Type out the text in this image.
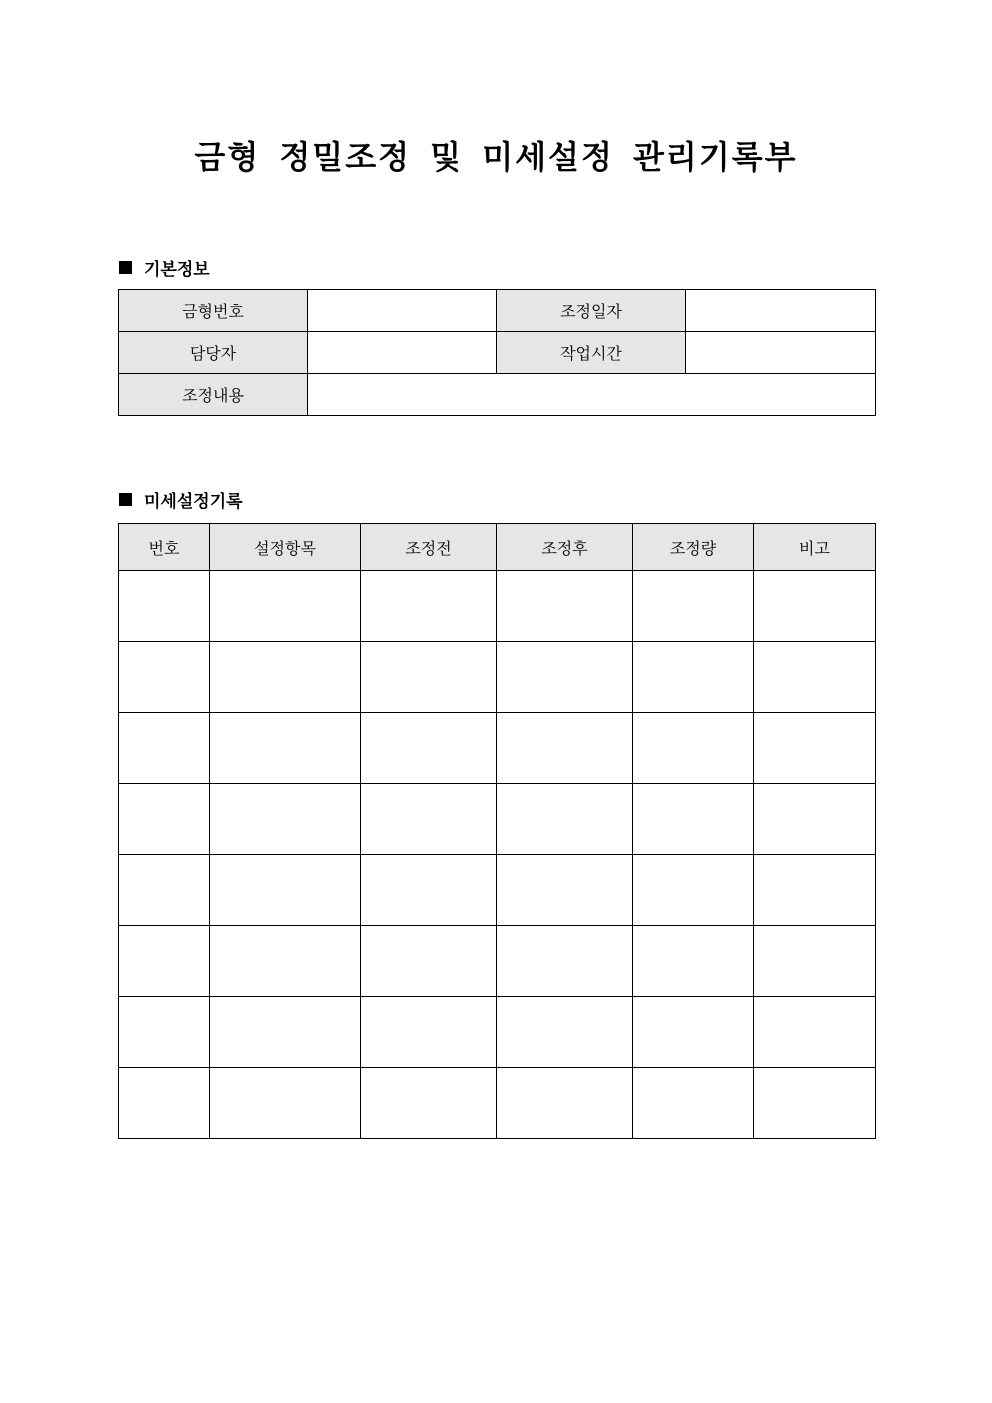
금형 정밀조정 및 미세설정 관리기록부
기본정보
금형번호		조정일자	
담당자		작업시간	
조정내용			
미세설정기록
번호	설정항목	조정전	조정후	조정량	비고
